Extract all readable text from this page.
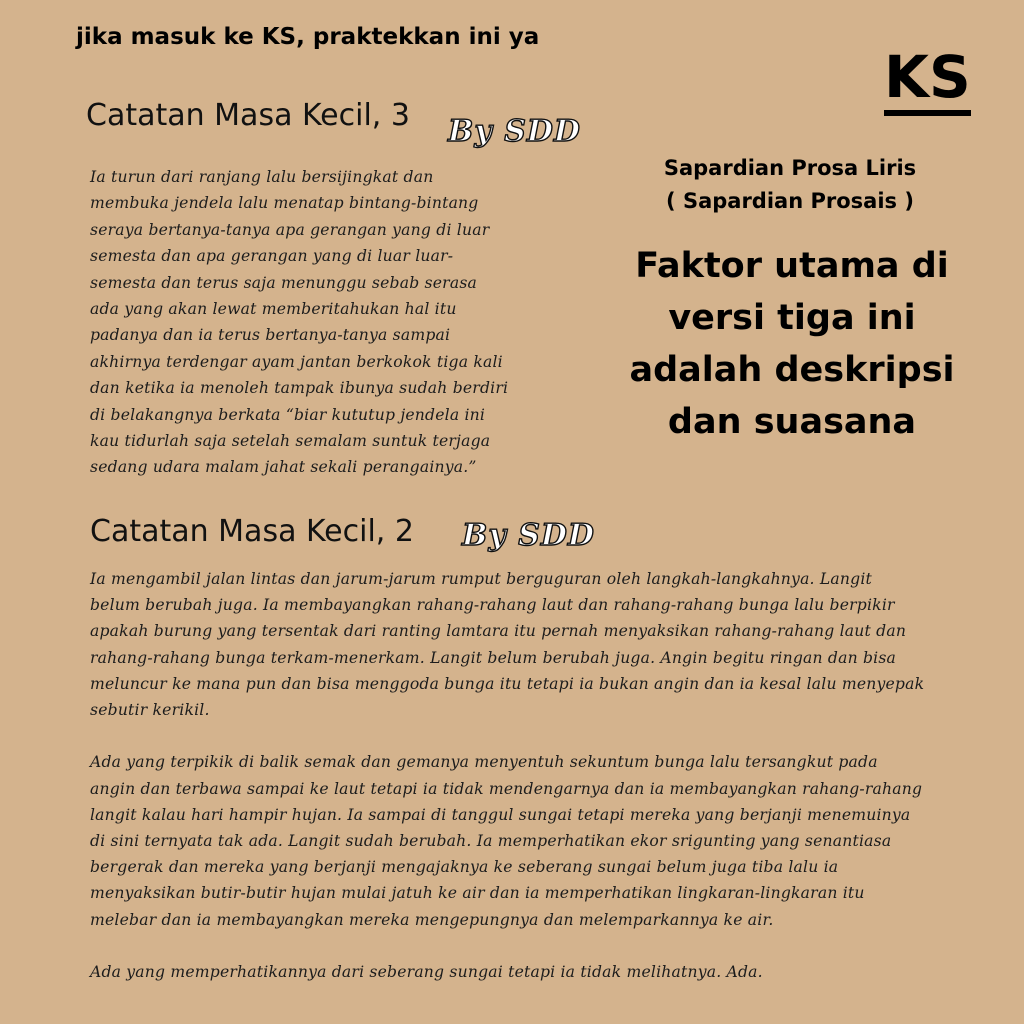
jika masuk ke KS, praktekkan ini ya
KS
Catatan Masa Kecil, 3 By SDD
Ia turun dari ranjang lalu bersijingkat dan
membuka jendela lalu menatap bintang-bintang
seraya bertanya-tanya apa gerangan yang di luar
semesta dan apa gerangan yang di luar luar-
semesta dan terus saja menunggu sebab serasa
ada yang akan lewat memberitahukan hal itu
padanya dan ia terus bertanya-tanya sampai
akhirnya terdengar ayam jantan berkokok tiga kali
dan ketika ia menoleh tampak ibunya sudah berdiri
di belakangnya berkata “biar kututup jendela ini
kau tidurlah saja setelah semalam suntuk terjaga
sedang udara malam jahat sekali perangainya.”
Sapardian Prosa Liris
( Sapardian Prosais )
Faktor utama di
versi tiga ini
adalah deskripsi
dan suasana
Catatan Masa Kecil, 2 By SDD
Ia mengambil jalan lintas dan jarum-jarum rumput berguguran oleh langkah-langkahnya. Langit
belum berubah juga. Ia membayangkan rahang-rahang laut dan rahang-rahang bunga lalu berpikir
apakah burung yang tersentak dari ranting lamtara itu pernah menyaksikan rahang-rahang laut dan
rahang-rahang bunga terkam-menerkam. Langit belum berubah juga. Angin begitu ringan dan bisa
meluncur ke mana pun dan bisa menggoda bunga itu tetapi ia bukan angin dan ia kesal lalu menyepak
sebutir kerikil.
Ada yang terpikik di balik semak dan gemanya menyentuh sekuntum bunga lalu tersangkut pada
angin dan terbawa sampai ke laut tetapi ia tidak mendengarnya dan ia membayangkan rahang-rahang
langit kalau hari hampir hujan. Ia sampai di tanggul sungai tetapi mereka yang berjanji menemuinya
di sini ternyata tak ada. Langit sudah berubah. Ia memperhatikan ekor srigunting yang senantiasa
bergerak dan mereka yang berjanji mengajaknya ke seberang sungai belum juga tiba lalu ia
menyaksikan butir-butir hujan mulai jatuh ke air dan ia memperhatikan lingkaran-lingkaran itu
melebar dan ia membayangkan mereka mengepungnya dan melemparkannya ke air.
Ada yang memperhatikannya dari seberang sungai tetapi ia tidak melihatnya. Ada.
